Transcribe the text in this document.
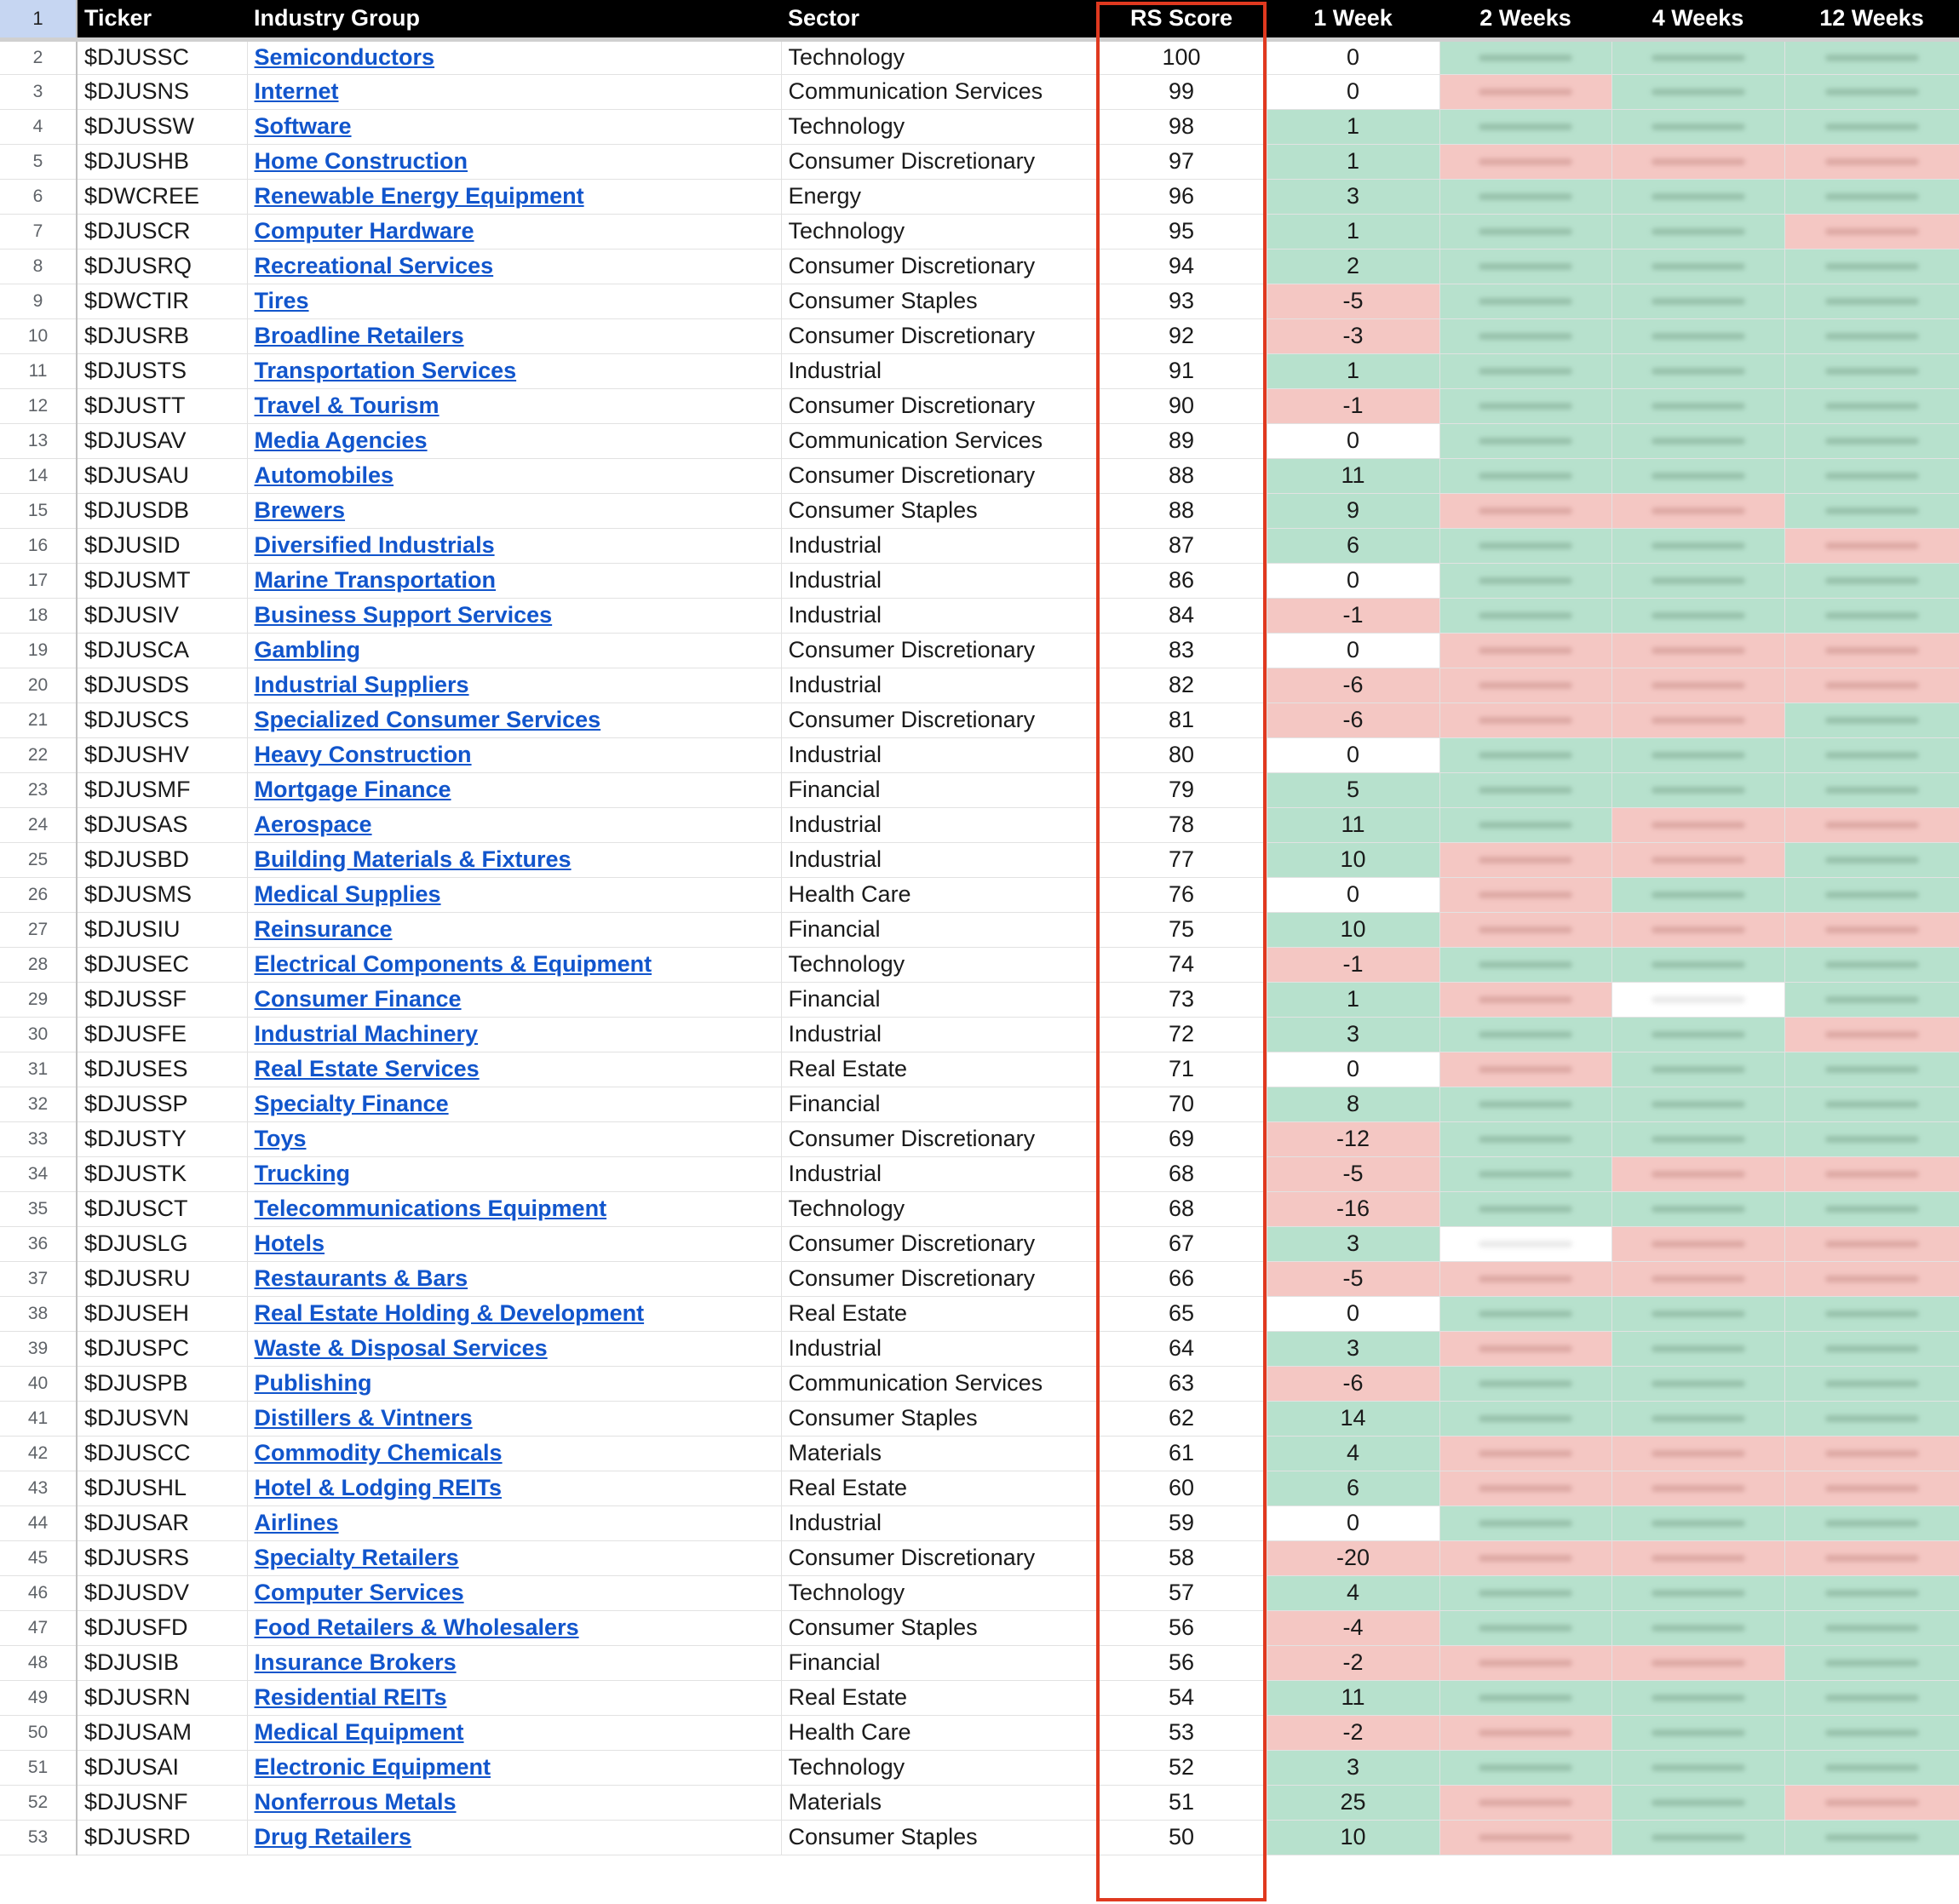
1	Ticker	Industry Group	Sector	RS Score	1 Week	2 Weeks	4 Weeks	12 Weeks
2	$DJUSSC	Semiconductors	Technology	100	0	

3	$DJUSNS	Internet	Communication Services	99	0	

4	$DJUSSW	Software	Technology	98	1	

5	$DJUSHB	Home Construction	Consumer Discretionary	97	1	

6	$DWCREE	Renewable Energy Equipment	Energy	96	3	

7	$DJUSCR	Computer Hardware	Technology	95	1	

8	$DJUSRQ	Recreational Services	Consumer Discretionary	94	2	

9	$DWCTIR	Tires	Consumer Staples	93	-5	

10	$DJUSRB	Broadline Retailers	Consumer Discretionary	92	-3	

11	$DJUSTS	Transportation Services	Industrial	91	1	

12	$DJUSTT	Travel & Tourism	Consumer Discretionary	90	-1	

13	$DJUSAV	Media Agencies	Communication Services	89	0	

14	$DJUSAU	Automobiles	Consumer Discretionary	88	11	

15	$DJUSDB	Brewers	Consumer Staples	88	9	

16	$DJUSID	Diversified Industrials	Industrial	87	6	

17	$DJUSMT	Marine Transportation	Industrial	86	0	

18	$DJUSIV	Business Support Services	Industrial	84	-1	

19	$DJUSCA	Gambling	Consumer Discretionary	83	0	

20	$DJUSDS	Industrial Suppliers	Industrial	82	-6	

21	$DJUSCS	Specialized Consumer Services	Consumer Discretionary	81	-6	

22	$DJUSHV	Heavy Construction	Industrial	80	0	

23	$DJUSMF	Mortgage Finance	Financial	79	5	

24	$DJUSAS	Aerospace	Industrial	78	11	

25	$DJUSBD	Building Materials & Fixtures	Industrial	77	10	

26	$DJUSMS	Medical Supplies	Health Care	76	0	

27	$DJUSIU	Reinsurance	Financial	75	10	

28	$DJUSEC	Electrical Components & Equipment	Technology	74	-1	

29	$DJUSSF	Consumer Finance	Financial	73	1	

30	$DJUSFE	Industrial Machinery	Industrial	72	3	

31	$DJUSES	Real Estate Services	Real Estate	71	0	

32	$DJUSSP	Specialty Finance	Financial	70	8	

33	$DJUSTY	Toys	Consumer Discretionary	69	-12	

34	$DJUSTK	Trucking	Industrial	68	-5	

35	$DJUSCT	Telecommunications Equipment	Technology	68	-16	

36	$DJUSLG	Hotels	Consumer Discretionary	67	3	

37	$DJUSRU	Restaurants & Bars	Consumer Discretionary	66	-5	

38	$DJUSEH	Real Estate Holding & Development	Real Estate	65	0	

39	$DJUSPC	Waste & Disposal Services	Industrial	64	3	

40	$DJUSPB	Publishing	Communication Services	63	-6	

41	$DJUSVN	Distillers & Vintners	Consumer Staples	62	14	

42	$DJUSCC	Commodity Chemicals	Materials	61	4	

43	$DJUSHL	Hotel & Lodging REITs	Real Estate	60	6	

44	$DJUSAR	Airlines	Industrial	59	0	

45	$DJUSRS	Specialty Retailers	Consumer Discretionary	58	-20	

46	$DJUSDV	Computer Services	Technology	57	4	

47	$DJUSFD	Food Retailers & Wholesalers	Consumer Staples	56	-4	

48	$DJUSIB	Insurance Brokers	Financial	56	-2	

49	$DJUSRN	Residential REITs	Real Estate	54	11	

50	$DJUSAM	Medical Equipment	Health Care	53	-2	

51	$DJUSAI	Electronic Equipment	Technology	52	3	

52	$DJUSNF	Nonferrous Metals	Materials	51	25	

53	$DJUSRD	Drug Retailers	Consumer Staples	50	10	
